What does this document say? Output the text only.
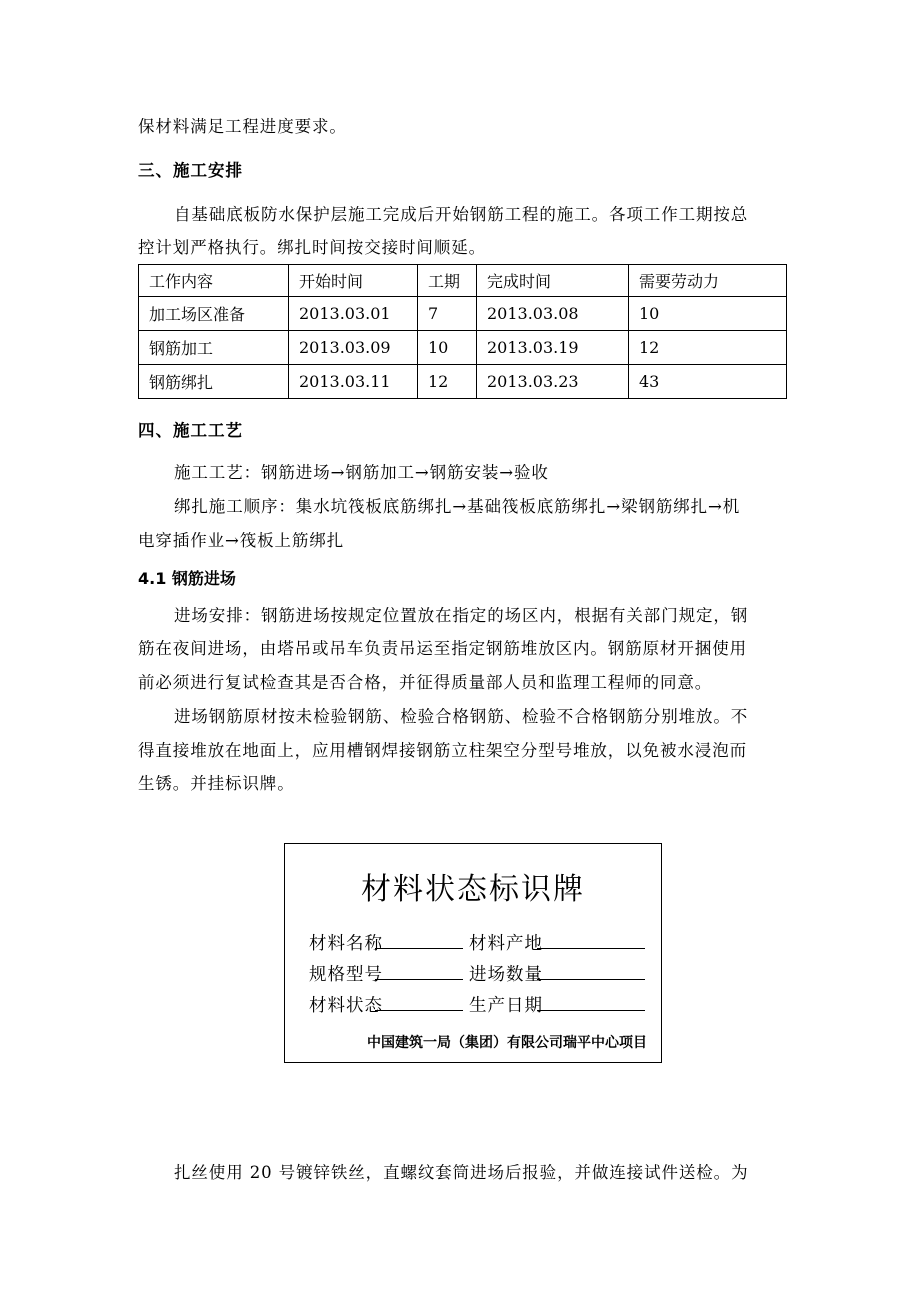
保材料满足工程进度要求。
三、施工安排
自基础底板防水保护层施工完成后开始钢筋工程的施工。各项工作工期按总
控计划严格执行。绑扎时间按交接时间顺延。
工作内容	开始时间	工期	完成时间	需要劳动力
加工场区准备	2013.03.01	7	2013.03.08	10
钢筋加工	2013.03.09	10	2013.03.19	12
钢筋绑扎	2013.03.11	12	2013.03.23	43
四、施工工艺
施工工艺：钢筋进场→钢筋加工→钢筋安装→验收
绑扎施工顺序：集水坑筏板底筋绑扎→基础筏板底筋绑扎→梁钢筋绑扎→机
电穿插作业→筏板上筋绑扎
4.1 钢筋进场
进场安排：钢筋进场按规定位置放在指定的场区内，根据有关部门规定，钢
筋在夜间进场，由塔吊或吊车负责吊运至指定钢筋堆放区内。钢筋原材开捆使用
前必须进行复试检查其是否合格，并征得质量部人员和监理工程师的同意。
进场钢筋原材按未检验钢筋、检验合格钢筋、检验不合格钢筋分别堆放。不
得直接堆放在地面上，应用槽钢焊接钢筋立柱架空分型号堆放，以免被水浸泡而
生锈。并挂标识牌。
材料状态标识牌
材料名称	材料产地
规格型号	进场数量
材料状态	生产日期
中国建筑一局（集团）有限公司瑞平中心项目
扎丝使用 20 号镀锌铁丝，直螺纹套筒进场后报验，并做连接试件送检。为
